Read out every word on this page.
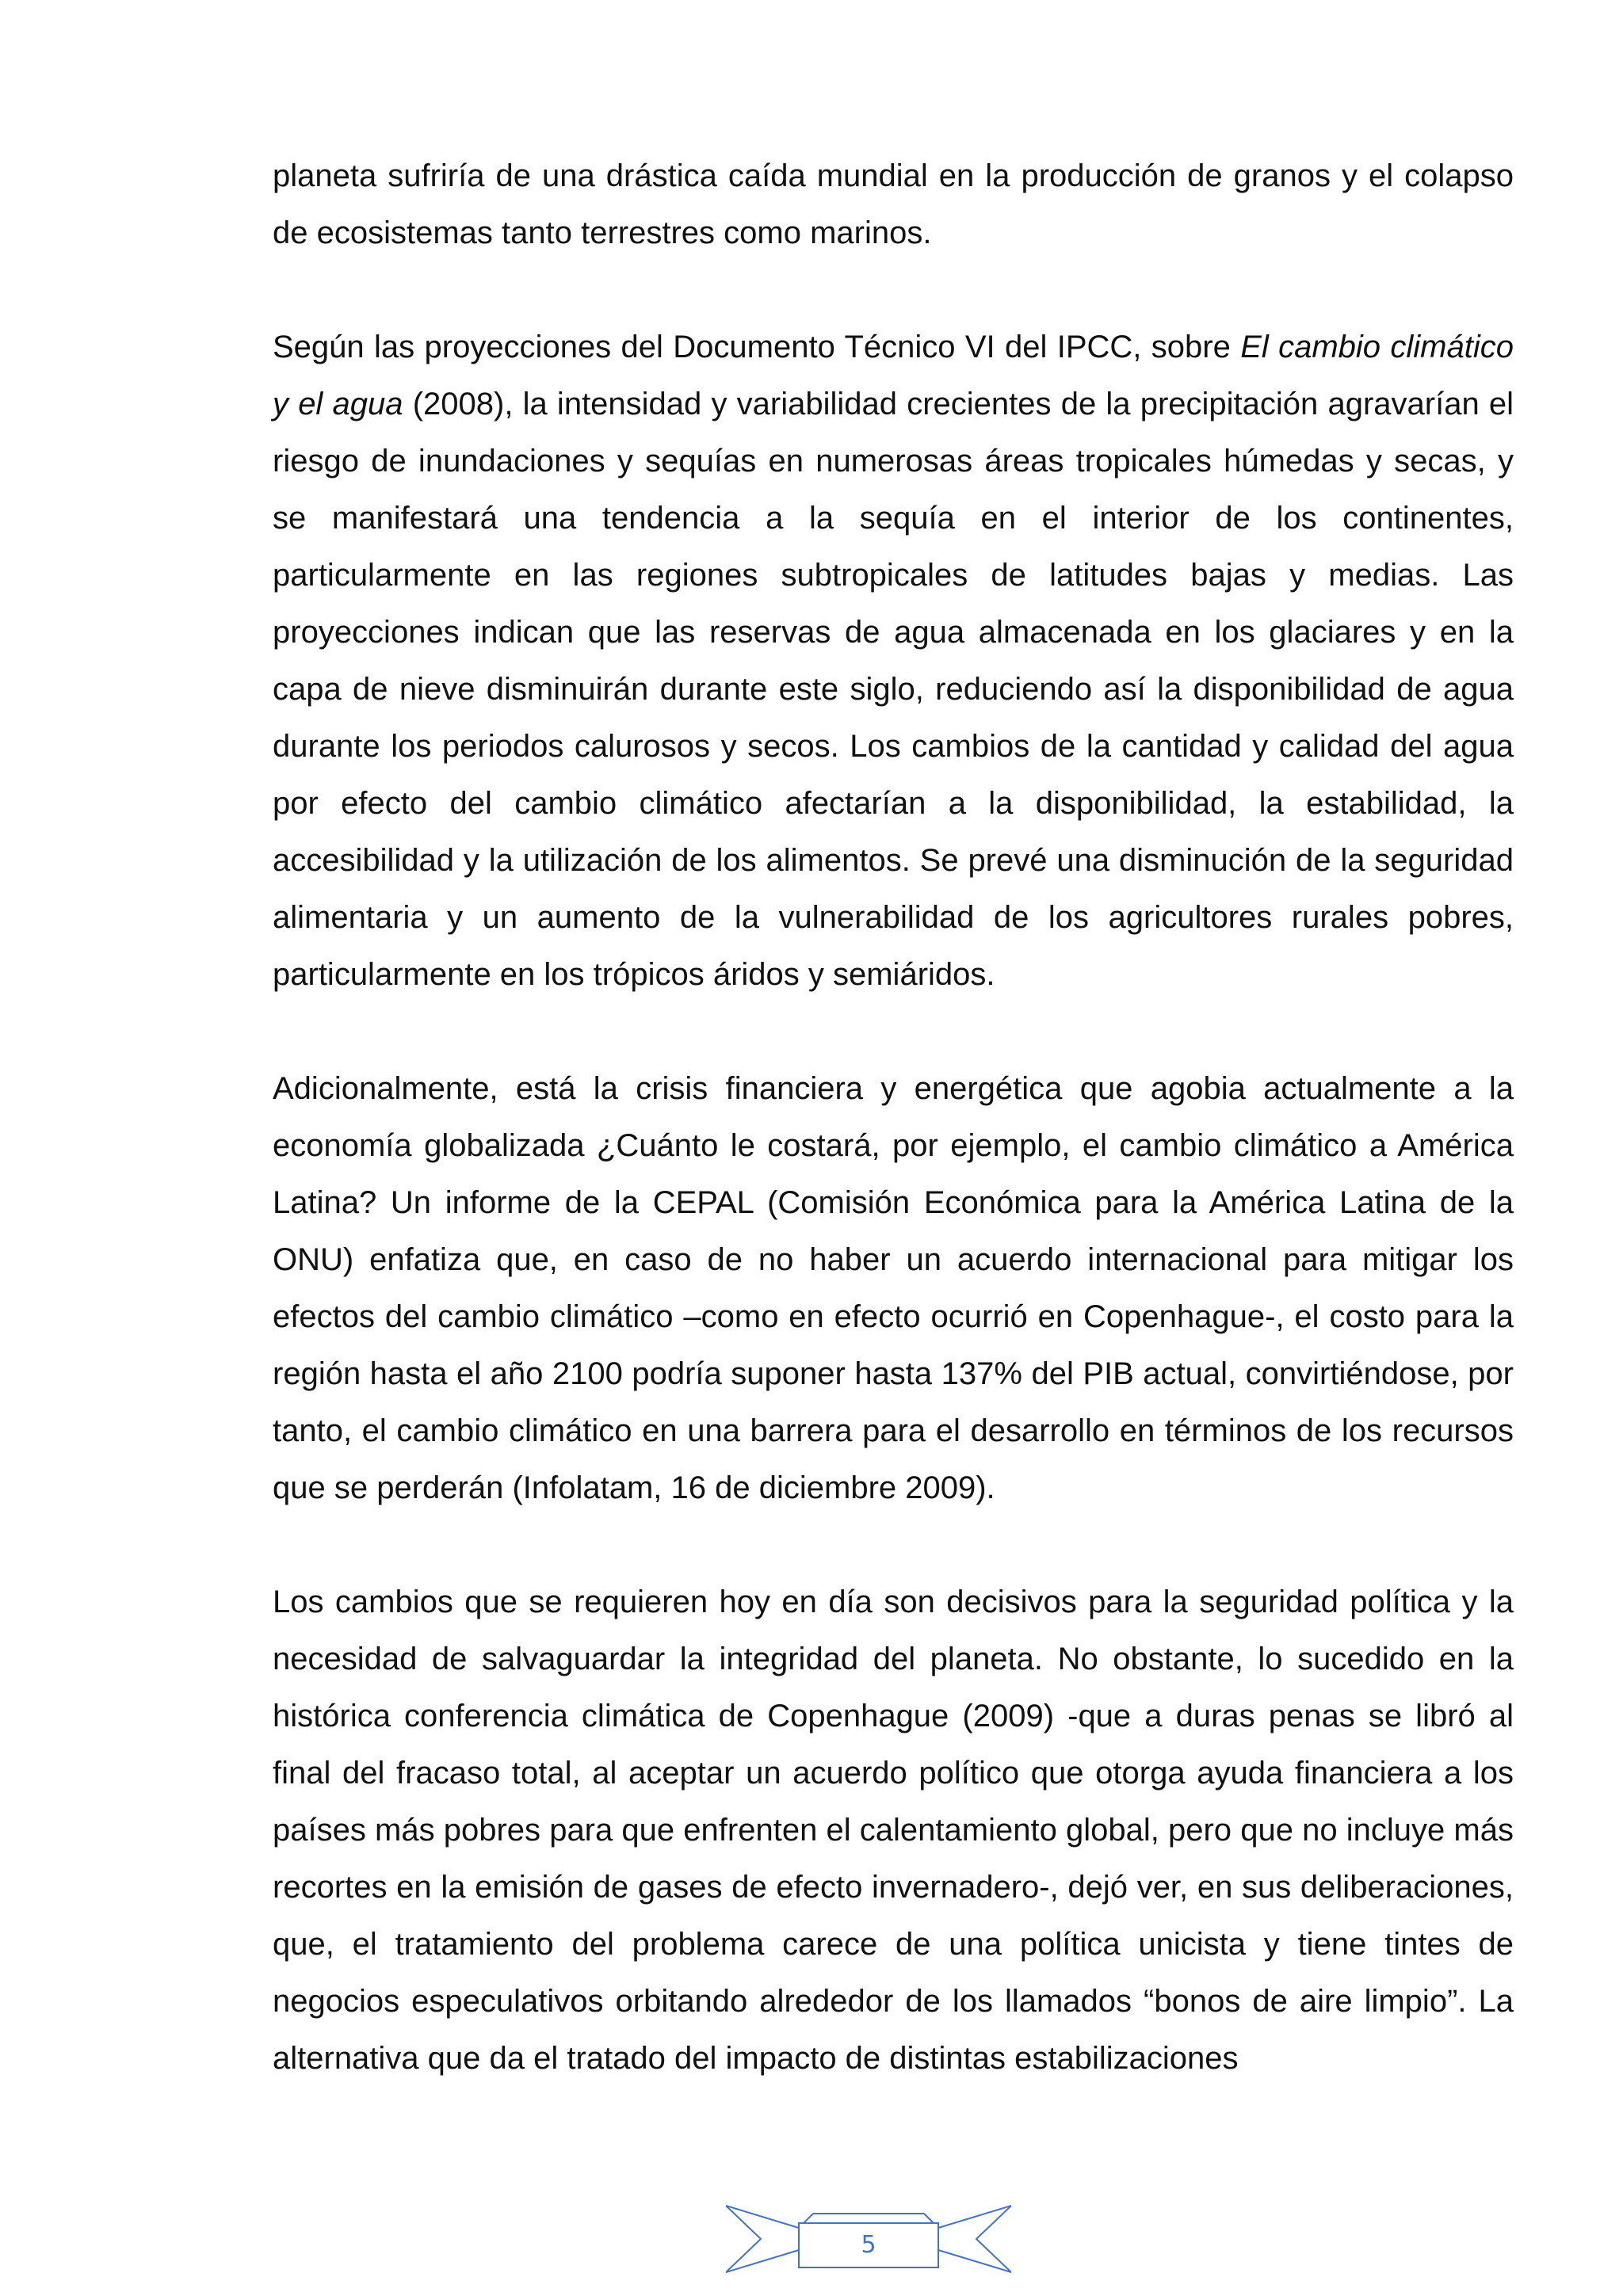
planeta sufriría de una drástica caída mundial en la producción de granos y el colapso de ecosistemas tanto terrestres como marinos.

Según las proyecciones del Documento Técnico VI del IPCC, sobre El cambio climático y el agua (2008), la intensidad y variabilidad crecientes de la precipitación agravarían el riesgo de inundaciones y sequías en numerosas áreas tropicales húmedas y secas, y se manifestará una tendencia a la sequía en el interior de los continentes, particularmente en las regiones subtropicales de latitudes bajas y medias. Las proyecciones indican que las reservas de agua almacenada en los glaciares y en la capa de nieve disminuirán durante este siglo, reduciendo así la disponibilidad de agua durante los periodos calurosos y secos. Los cambios de la cantidad y calidad del agua por efecto del cambio climático afectarían a la disponibilidad, la estabilidad, la accesibilidad y la utilización de los alimentos. Se prevé una disminución de la seguridad alimentaria y un aumento de la vulnerabilidad de los agricultores rurales pobres, particularmente en los trópicos áridos y semiáridos.

Adicionalmente, está la crisis financiera y energética que agobia actualmente a la economía globalizada ¿Cuánto le costará, por ejemplo, el cambio climático a América Latina? Un informe de la CEPAL (Comisión Económica para la América Latina de la ONU) enfatiza que, en caso de no haber un acuerdo internacional para mitigar los efectos del cambio climático –como en efecto ocurrió en Copenhague-, el costo para la región hasta el año 2100 podría suponer hasta 137% del PIB actual, convirtiéndose, por tanto, el cambio climático en una barrera para el desarrollo en términos de los recursos que se perderán (Infolatam, 16 de diciembre 2009).

Los cambios que se requieren hoy en día son decisivos para la seguridad política y la necesidad de salvaguardar la integridad del planeta. No obstante, lo sucedido en la histórica conferencia climática de Copenhague (2009) -que a duras penas se libró al final del fracaso total, al aceptar un acuerdo político que otorga ayuda financiera a los países más pobres para que enfrenten el calentamiento global, pero que no incluye más recortes en la emisión de gases de efecto invernadero-, dejó ver, en sus deliberaciones, que, el tratamiento del problema carece de una política unicista y tiene tintes de negocios especulativos orbitando alrededor de los llamados “bonos de aire limpio”. La alternativa que da el tratado del impacto de distintas estabilizaciones

5
